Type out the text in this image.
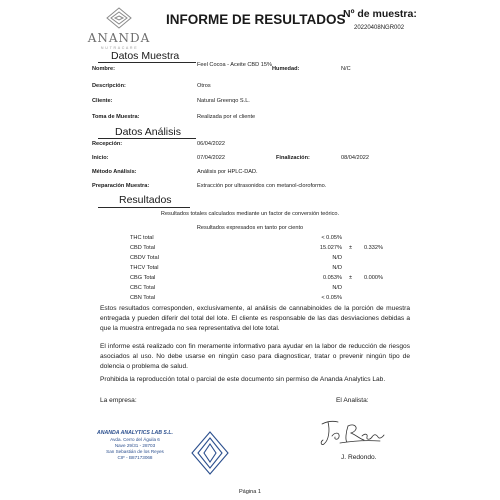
ANANDA
N U T R A C A R E
INFORME DE RESULTADOS
Nº de muestra:
20220408NGR002
Datos Muestra
Nombre:
Feel Cocoa - Aceite CBD 15%
Humedad:	N/C
Descripción:	Otros
Cliente:	Natural Greenqo S.L.
Toma de Muestra:	Realizada por el cliente
Datos Análisis
Recepción:	06/04/2022
Inicio:	07/04/2022	Finalización:	08/04/2022
Método Análisis:	Análisis por HPLC-DAD.
Preparación Muestra:	Extracción por ultrasonidos con metanol-cloroformo.
Resultados
Resultados totales calculados mediante un factor de conversión teórico.
Resultados expresados en tanto por ciento
THC total	< 0.05%
CBD Total	15.027% ± 0.332%
CBDV Total	N/D
THCV Total	N/D
CBG Total	0.053% ± 0.000%
CBC Total	N/D
CBN Total	< 0.05%
Estos resultados corresponden, exclusivamente, al análisis de cannabinoides de la porción de muestra entregada y pueden diferir del total del lote. El cliente es responsable de las das desviaciones debidas a que la muestra entregada no sea representativa del lote total.
El informe está realizado con fin meramente informativo para ayudar en la labor de reducción de riesgos asociados al uso. No debe usarse en ningún caso para diagnosticar, tratar o prevenir ningún tipo de dolencia o problema de salud.
Prohibida la reproducción total o parcial de este documento sin permiso de Ananda Analytics Lab.
La empresa:	El Analista:
J. Redondo.
ANANDA ANALYTICS LAB S.L.
Avda. Cerro del Águila 6
Nave 29/31 - 28703
San Sebastián de los Reyes
CIF - B87173068
Página 1
